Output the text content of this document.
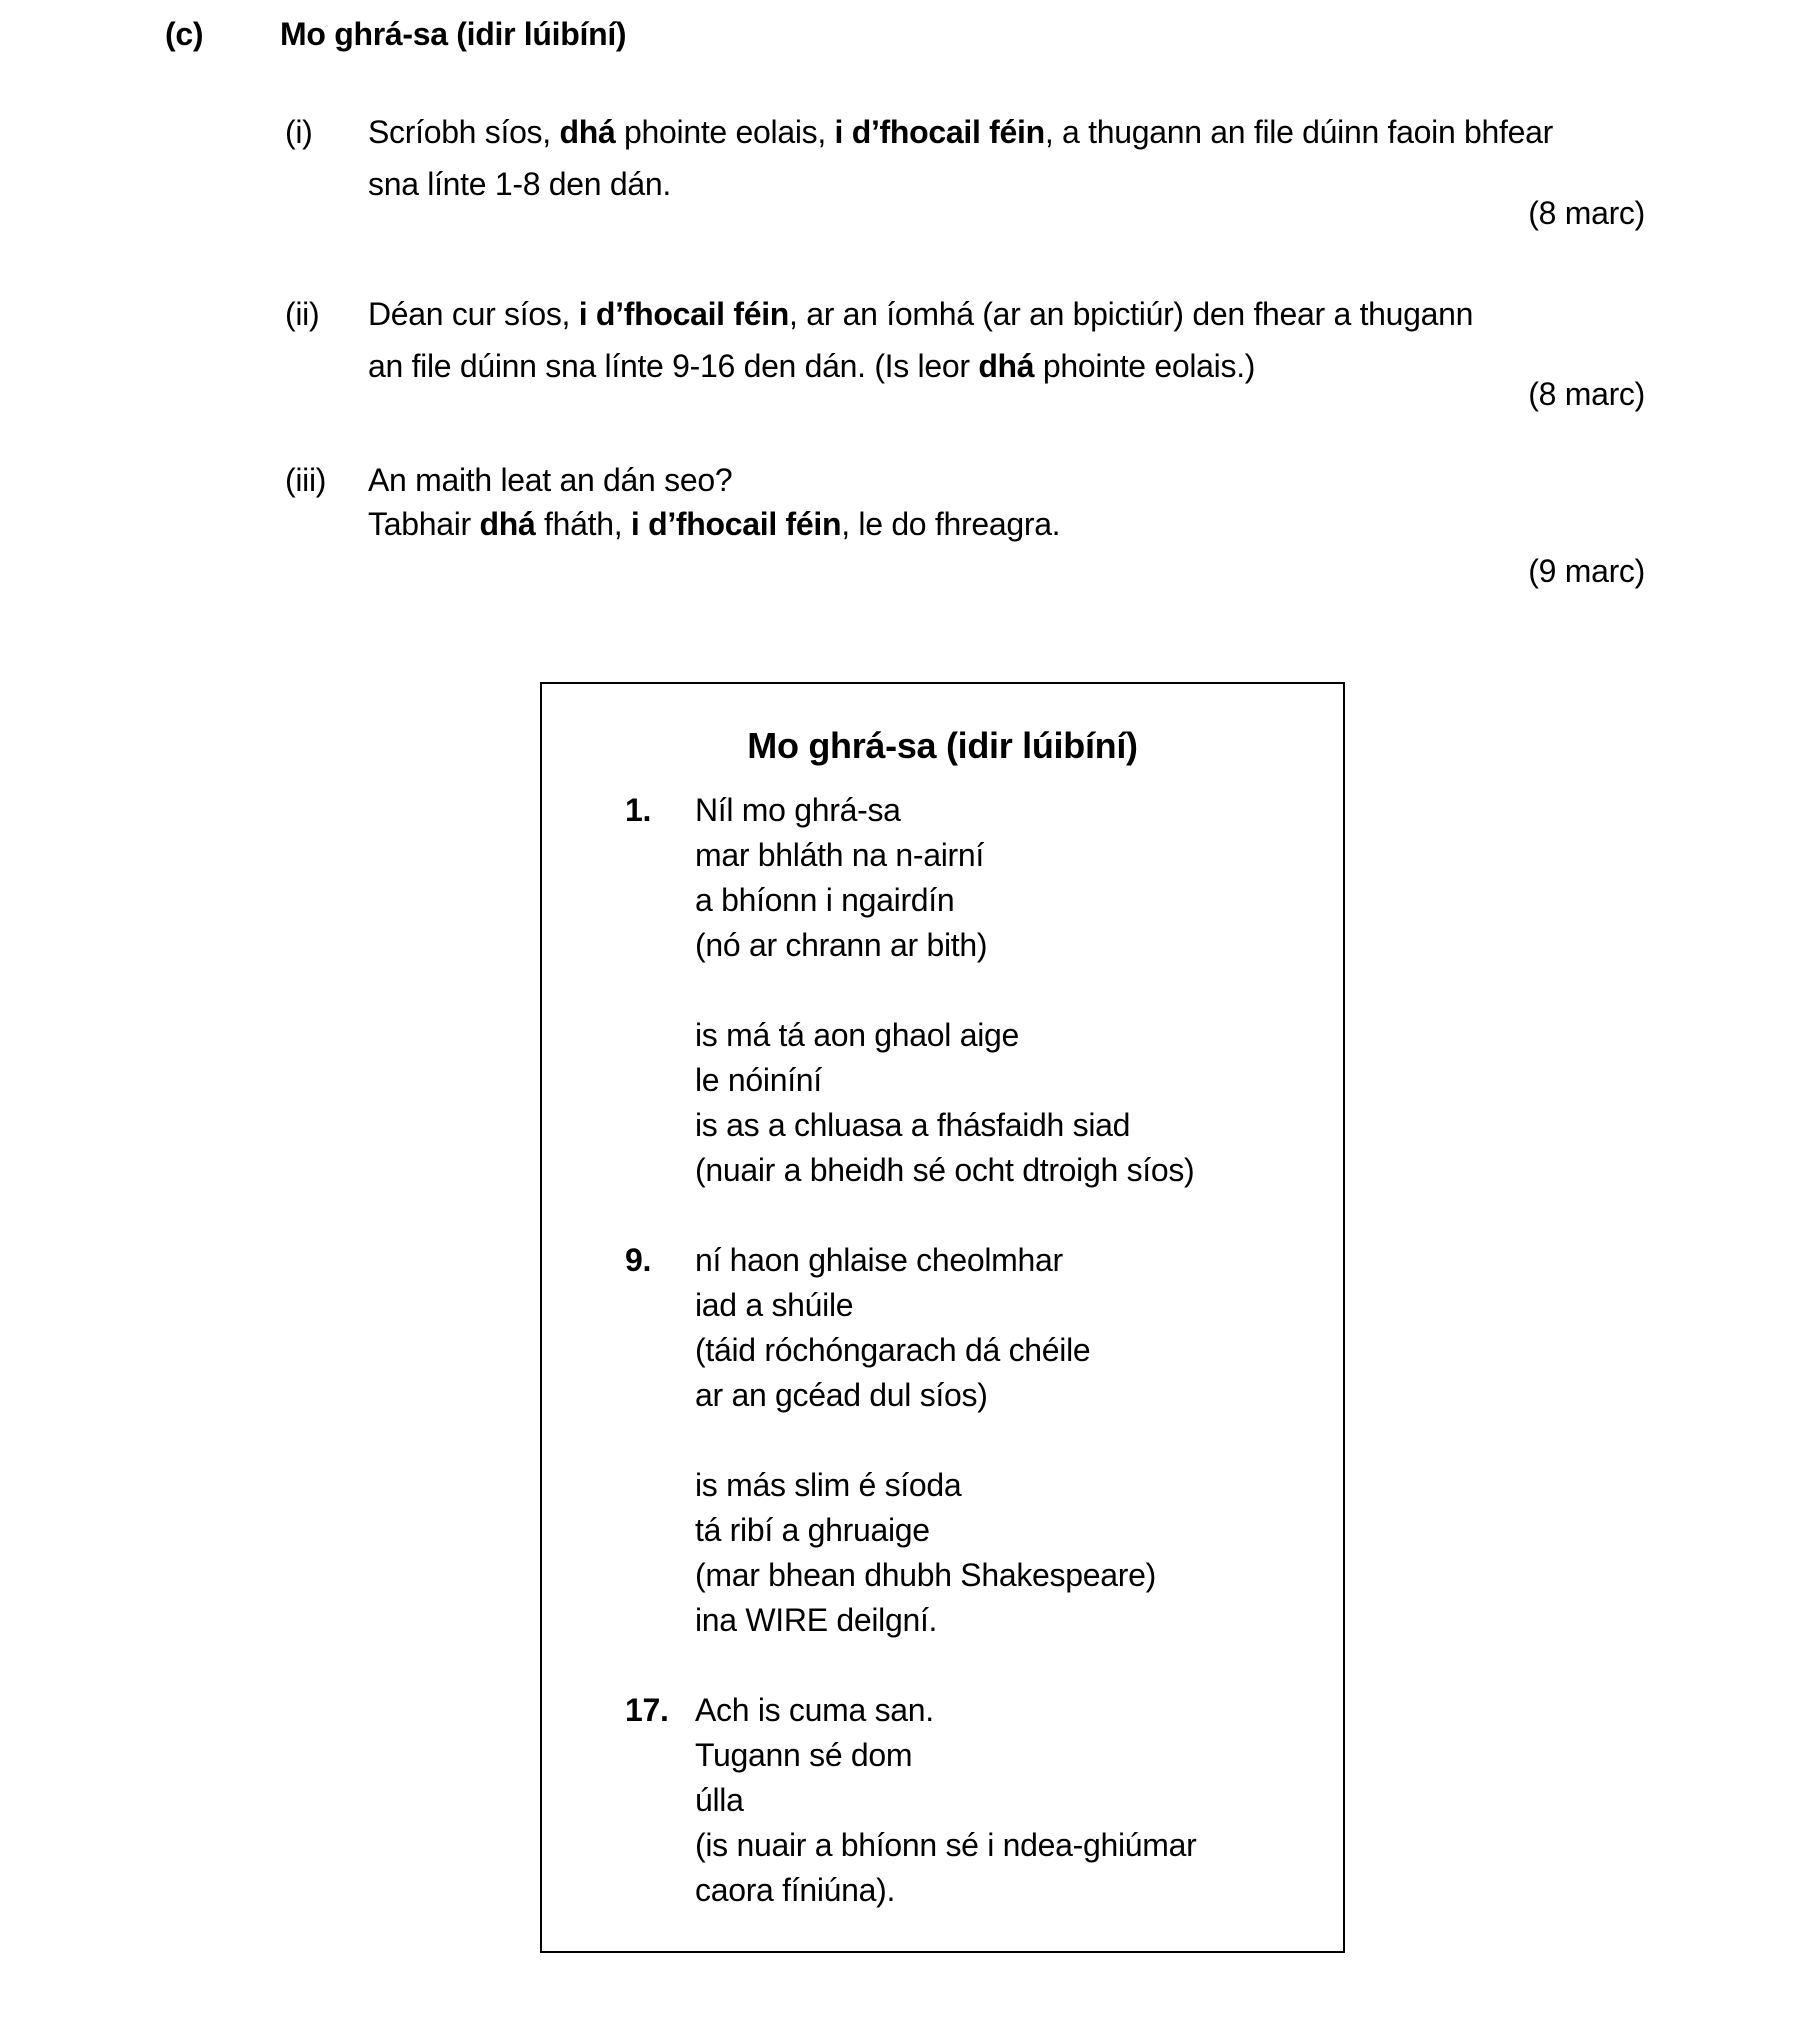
(c) Mo ghrá-sa (idir lúibíní)
(i) Scríobh síos, dhá phointe eolais, i d’fhocail féin, a thugann an file dúinn faoin bhfear
sna línte 1-8 den dán.
(8 marc)
(ii) Déan cur síos, i d’fhocail féin, ar an íomhá (ar an bpictiúr) den fhear a thugann
an file dúinn sna línte 9-16 den dán. (Is leor dhá phointe eolais.)
(8 marc)
(iii) An maith leat an dán seo?
Tabhair dhá fháth, i d’fhocail féin, le do fhreagra.
(9 marc)
Mo ghrá-sa (idir lúibíní)
1. Níl mo ghrá-sa
mar bhláth na n-airní
a bhíonn i ngairdín
(nó ar chrann ar bith)
is má tá aon ghaol aige
le nóiníní
is as a chluasa a fhásfaidh siad
(nuair a bheidh sé ocht dtroigh síos)
9. ní haon ghlaise cheolmhar
iad a shúile
(táid róchóngarach dá chéile
ar an gcéad dul síos)
is más slim é síoda
tá ribí a ghruaige
(mar bhean dhubh Shakespeare)
ina WIRE deilgní.
17. Ach is cuma san.
Tugann sé dom
úlla
(is nuair a bhíonn sé i ndea-ghiúmar
caora fíniúna).
